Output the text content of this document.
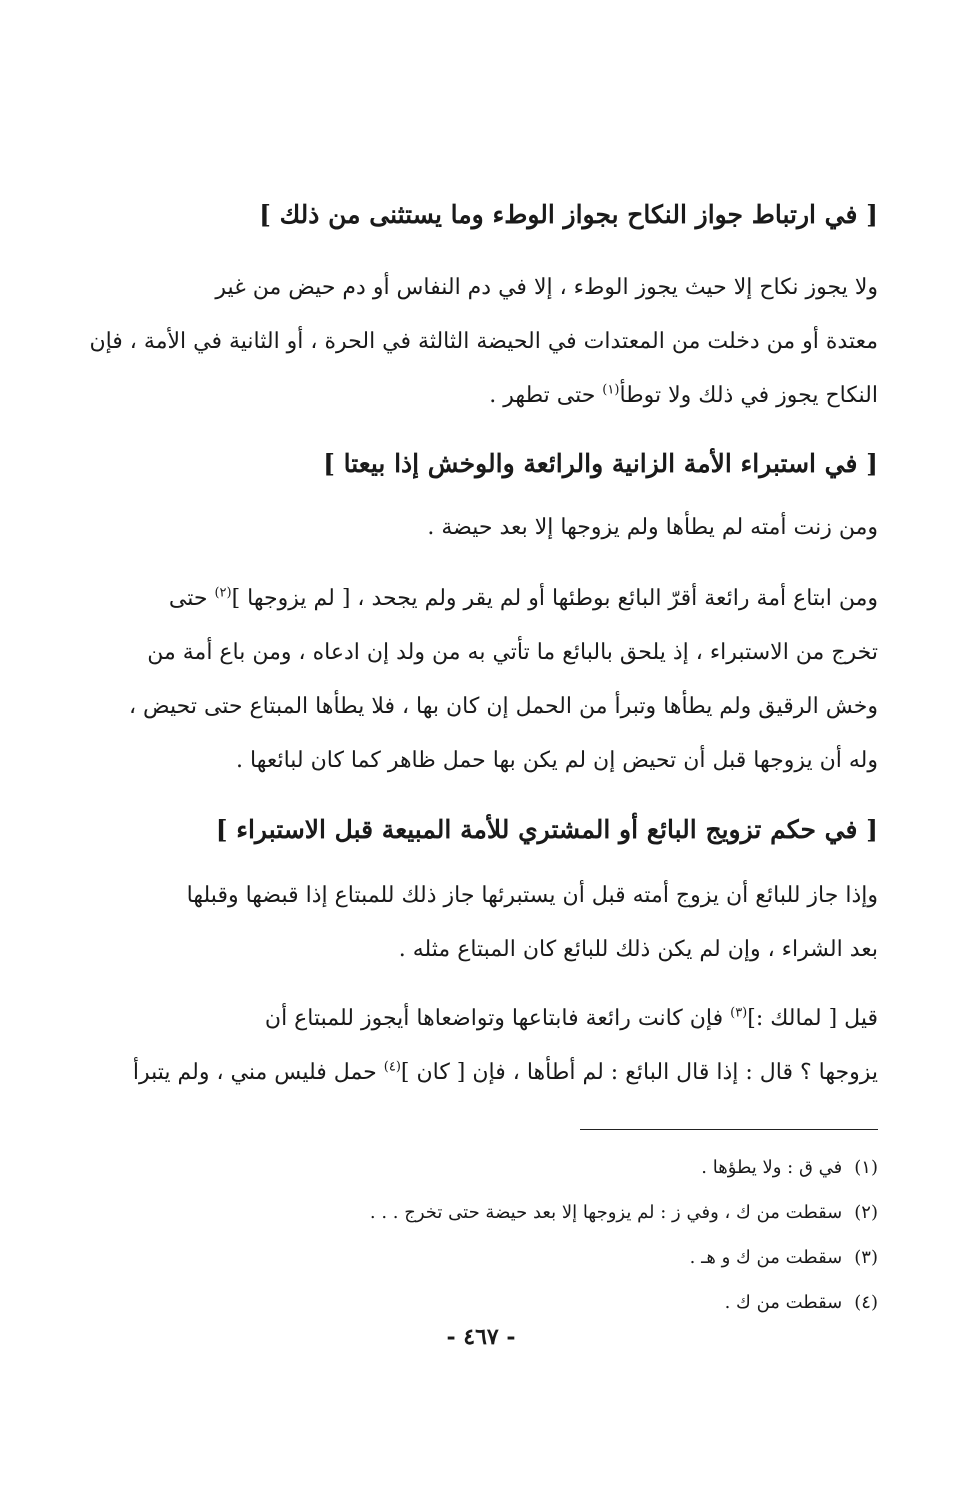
[ في ارتباط جواز النكاح بجواز الوطء وما يستثنى من ذلك ]
ولا يجوز نكاح إلا حيث يجوز الوطء ، إلا في دم النفاس أو دم حيض من غير
معتدة أو من دخلت من المعتدات في الحيضة الثالثة في الحرة ، أو الثانية في الأمة ، فإن
النكاح يجوز في ذلك ولا توطأ$^{(١)}$ حتى تطهر .
[ في استبراء الأمة الزانية والرائعة والوخش إذا بيعتا ]
ومن زنت أمته لم يطأها ولم يزوجها إلا بعد حيضة .
ومن ابتاع أمة رائعة أقرّ البائع بوطئها أو لم يقر ولم يجحد ، [ لم يزوجها ]$^{(٢)}$ حتى
تخرج من الاستبراء ، إذ يلحق بالبائع ما تأتي به من ولد إن ادعاه ، ومن باع أمة من
وخش الرقيق ولم يطأها وتبرأ من الحمل إن كان بها ، فلا يطأها المبتاع حتى تحيض ،
وله أن يزوجها قبل أن تحيض إن لم يكن بها حمل ظاهر كما كان لبائعها .
[ في حكم تزويج البائع أو المشتري للأمة المبيعة قبل الاستبراء ]
وإذا جاز للبائع أن يزوج أمته قبل أن يستبرئها جاز ذلك للمبتاع إذا قبضها وقبلها
بعد الشراء ، وإن لم يكن ذلك للبائع كان المبتاع مثله .
قيل [ لمالك :]$^{(٣)}$ فإن كانت رائعة فابتاعها وتواضعاها أيجوز للمبتاع أن
يزوجها ؟ قال : إذا قال البائع : لم أطأها ، فإن [ كان ]$^{(٤)}$ حمل فليس مني ، ولم يتبرأ
(١)في ق : ولا يطؤها .
(٢)سقطت من ك ، وفي ز : لم يزوجها إلا بعد حيضة حتى تخرج . . .
(٣)سقطت من ك و هـ .
(٤)سقطت من ك .
- ٤٦٧ -
